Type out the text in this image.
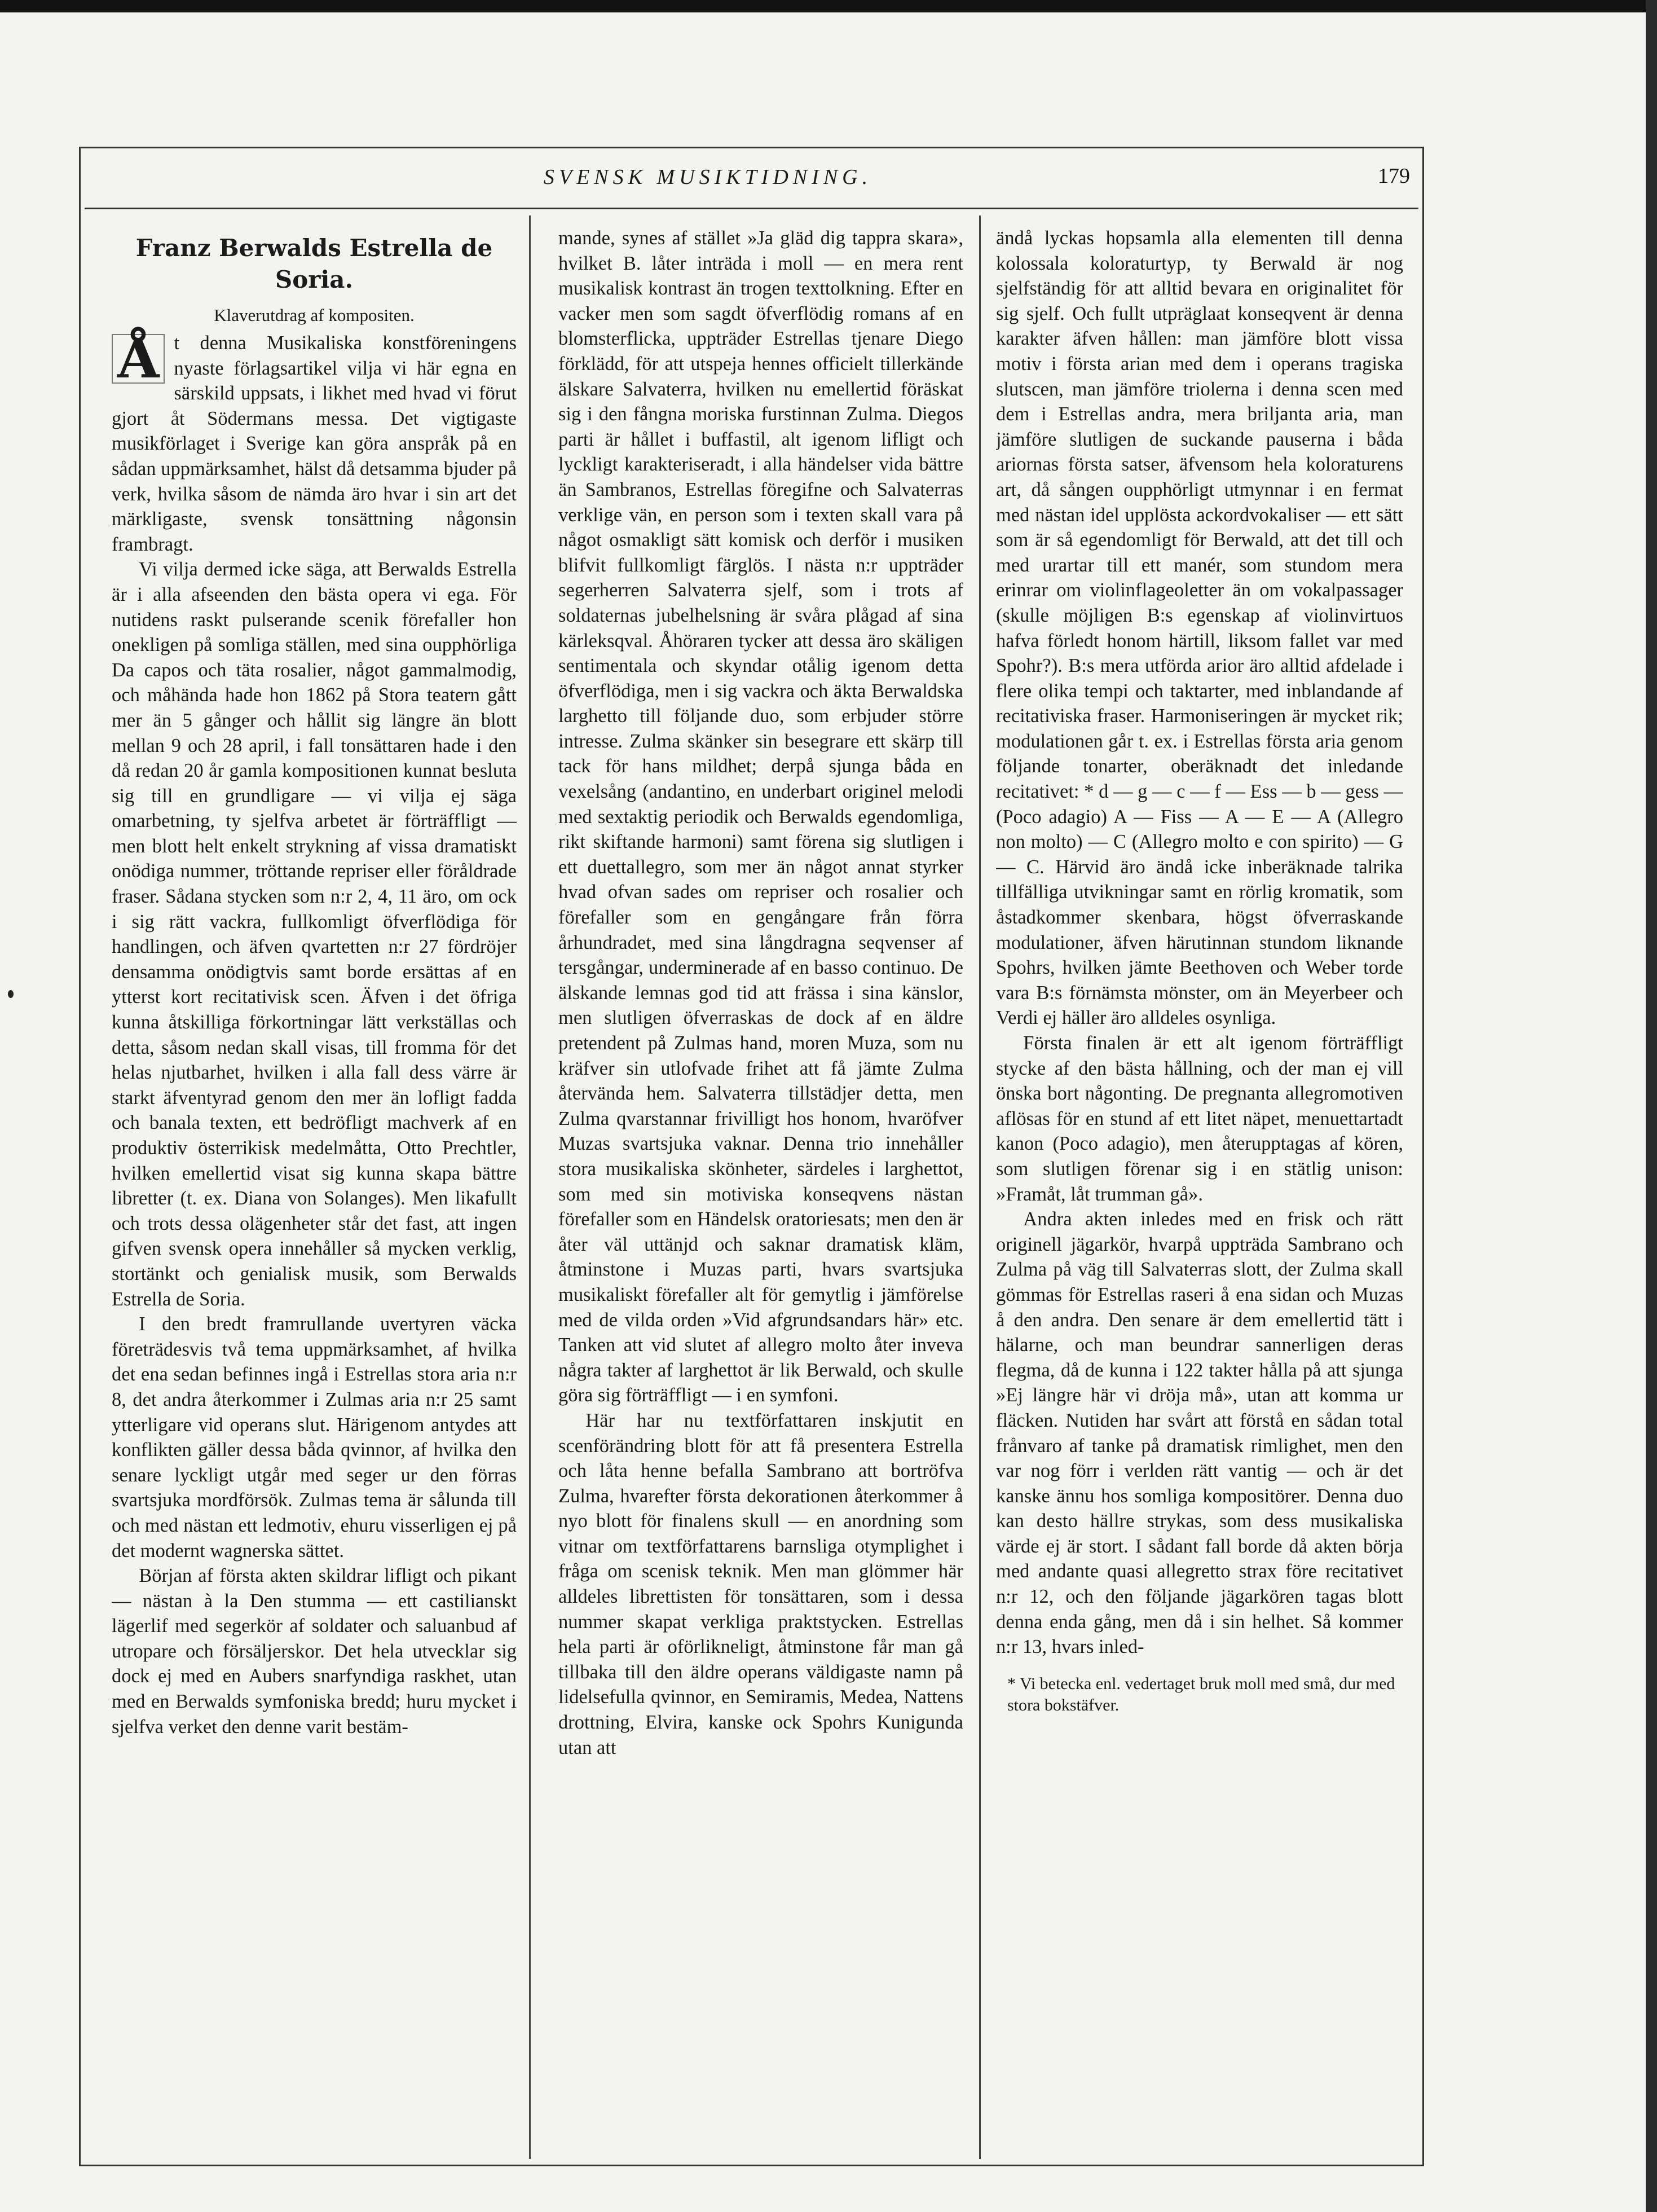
SVENSK MUSIKTIDNING.	179
Franz Berwalds Estrella de Soria.
Klaverutdrag af kompositen.

Å t denna Musikaliska konstföreningens nyaste förlagsartikel vilja vi här egna en särskild uppsats, i likhet med hvad vi förut gjort åt Södermans messa. Det vigtigaste musikförlaget i Sverige kan göra anspråk på en sådan uppmärksamhet, hälst då detsamma bjuder på verk, hvilka såsom de nämda äro hvar i sin art det märkligaste, svensk tonsättning någonsin frambragt.

Vi vilja dermed icke säga, att Berwalds Estrella är i alla afseenden den bästa opera vi ega. För nutidens raskt pulserande scenik förefaller hon onekligen på somliga ställen, med sina oupphörliga Da capos och täta rosalier, något gammalmodig, och måhända hade hon 1862 på Stora teatern gått mer än 5 gånger och hållit sig längre än blott mellan 9 och 28 april, i fall tonsättaren hade i den då redan 20 år gamla kompositionen kunnat besluta sig till en grundligare — vi vilja ej säga omarbetning, ty sjelfva arbetet är förträffligt — men blott helt enkelt strykning af vissa dramatiskt onödiga nummer, tröttande repriser eller föråldrade fraser. Sådana stycken som n:r 2, 4, 11 äro, om ock i sig rätt vackra, fullkomligt öfverflödiga för handlingen, och äfven qvartetten n:r 27 fördröjer densamma onödigtvis samt borde ersättas af en ytterst kort recitativisk scen. Äfven i det öfriga kunna åtskilliga förkortningar lätt verkställas och detta, såsom nedan skall visas, till fromma för det helas njutbarhet, hvilken i alla fall dess värre är starkt äfventyrad genom den mer än lofligt fadda och banala texten, ett bedröfligt machverk af en produktiv österrikisk medelmåtta, Otto Prechtler, hvilken emellertid visat sig kunna skapa bättre libretter (t. ex. Diana von Solanges). Men likafullt och trots dessa olägenheter står det fast, att ingen gifven svensk opera innehåller så mycken verklig, stortänkt och genialisk musik, som Berwalds Estrella de Soria.

I den bredt framrullande uvertyren väcka företrädesvis två tema uppmärksamhet, af hvilka det ena sedan befinnes ingå i Estrellas stora aria n:r 8, det andra återkommer i Zulmas aria n:r 25 samt ytterligare vid operans slut. Härigenom antydes att konflikten gäller dessa båda qvinnor, af hvilka den senare lyckligt utgår med seger ur den förras svartsjuka mordförsök. Zulmas tema är sålunda till och med nästan ett ledmotiv, ehuru visserligen ej på det modernt wagnerska sättet.

Början af första akten skildrar lifligt och pikant — nästan à la Den stumma — ett castilianskt lägerlif med segerkör af soldater och saluanbud af utropare och försäljerskor. Det hela utvecklar sig dock ej med en Aubers snarfyndiga raskhet, utan med en Berwalds symfoniska bredd; huru mycket i sjelfva verket den denne varit bestäm-

mande, synes af stället »Ja gläd dig tappra skara», hvilket B. låter inträda i moll — en mera rent musikalisk kontrast än trogen texttolkning. Efter en vacker men som sagdt öfverflödig romans af en blomsterflicka, uppträder Estrellas tjenare Diego förklädd, för att utspeja hennes officielt tillerkände älskare Salvaterra, hvilken nu emellertid föräskat sig i den fångna moriska furstinnan Zulma. Diegos parti är hållet i buffastil, alt igenom lifligt och lyckligt karakteriseradt, i alla händelser vida bättre än Sambranos, Estrellas föregifne och Salvaterras verklige vän, en person som i texten skall vara på något osmakligt sätt komisk och derför i musiken blifvit fullkomligt färglös. I nästa n:r uppträder segerherren Salvaterra sjelf, som i trots af soldaternas jubelhelsning är svåra plågad af sina kärleksqval. Åhöraren tycker att dessa äro skäligen sentimentala och skyndar otålig igenom detta öfverflödiga, men i sig vackra och äkta Berwaldska larghetto till följande duo, som erbjuder större intresse. Zulma skänker sin besegrare ett skärp till tack för hans mildhet; derpå sjunga båda en vexelsång (andantino, en underbart originel melodi med sextaktig periodik och Berwalds egendomliga, rikt skiftande harmoni) samt förena sig slutligen i ett duettallegro, som mer än något annat styrker hvad ofvan sades om repriser och rosalier och förefaller som en gengångare från förra århundradet, med sina långdragna seqvenser af tersgångar, underminerade af en basso continuo. De älskande lemnas god tid att frässa i sina känslor, men slutligen öfverraskas de dock af en äldre pretendent på Zulmas hand, moren Muza, som nu kräfver sin utlofvade frihet att få jämte Zulma återvända hem. Salvaterra tillstädjer detta, men Zulma qvarstannar frivilligt hos honom, hvaröfver Muzas svartsjuka vaknar. Denna trio innehåller stora musikaliska skönheter, särdeles i larghettot, som med sin motiviska konseqvens nästan förefaller som en Händelsk oratoriesats; men den är åter väl uttänjd och saknar dramatisk kläm, åtminstone i Muzas parti, hvars svartsjuka musikaliskt förefaller alt för gemytlig i jämförelse med de vilda orden »Vid afgrundsandars här» etc. Tanken att vid slutet af allegro molto åter inveva några takter af larghettot är lik Berwald, och skulle göra sig förträffligt — i en symfoni.

Här har nu textförfattaren inskjutit en scenförändring blott för att få presentera Estrella och låta henne befalla Sambrano att bortröfva Zulma, hvarefter första dekorationen återkommer å nyo blott för finalens skull — en anordning som vitnar om textförfattarens barnsliga otymplighet i fråga om scenisk teknik. Men man glömmer här alldeles librettisten för tonsättaren, som i dessa nummer skapat verkliga praktstycken. Estrellas hela parti är oförlikneligt, åtminstone får man gå tillbaka till den äldre operans väldigaste namn på lidelsefulla qvinnor, en Semiramis, Medea, Nattens drottning, Elvira, kanske ock Spohrs Kunigunda utan att

ändå lyckas hopsamla alla elementen till denna kolossala koloraturtyp, ty Berwald är nog sjelfständig för att alltid bevara en originalitet för sig sjelf. Och fullt utpräglaat konseqvent är denna karakter äfven hållen: man jämföre blott vissa motiv i första arian med dem i operans tragiska slutscen, man jämföre triolerna i denna scen med dem i Estrellas andra, mera briljanta aria, man jämföre slutligen de suckande pauserna i båda ariornas första satser, äfvensom hela koloraturens art, då sången oupphörligt utmynnar i en fermat med nästan idel upplösta ackordvokaliser — ett sätt som är så egendomligt för Berwald, att det till och med urartar till ett manér, som stundom mera erinrar om violinflageoletter än om vokalpassager (skulle möjligen B:s egenskap af violinvirtuos hafva förledt honom härtill, liksom fallet var med Spohr?). B:s mera utförda arior äro alltid afdelade i flere olika tempi och taktarter, med inblandande af recitativiska fraser. Harmoniseringen är mycket rik; modulationen går t. ex. i Estrellas första aria genom följande tonarter, oberäknadt det inledande recitativet: * d — g — c — f — Ess — b — gess — (Poco adagio) A — Fiss — A — E — A (Allegro non molto) — C (Allegro molto e con spirito) — G — C. Härvid äro ändå icke inberäknade talrika tillfälliga utvikningar samt en rörlig kromatik, som åstadkommer skenbara, högst öfverraskande modulationer, äfven härutinnan stundom liknande Spohrs, hvilken jämte Beethoven och Weber torde vara B:s förnämsta mönster, om än Meyerbeer och Verdi ej häller äro alldeles osynliga.

Första finalen är ett alt igenom förträffligt stycke af den bästa hållning, och der man ej vill önska bort någonting. De pregnanta allegromotiven aflösas för en stund af ett litet näpet, menuettartadt kanon (Poco adagio), men återupptagas af kören, som slutligen förenar sig i en stätlig unison: »Framåt, låt trumman gå».

Andra akten inledes med en frisk och rätt originell jägarkör, hvarpå uppträda Sambrano och Zulma på väg till Salvaterras slott, der Zulma skall gömmas för Estrellas raseri å ena sidan och Muzas å den andra. Den senare är dem emellertid tätt i hälarne, och man beundrar sannerligen deras flegma, då de kunna i 122 takter hålla på att sjunga »Ej längre här vi dröja må», utan att komma ur fläcken. Nutiden har svårt att förstå en sådan total frånvaro af tanke på dramatisk rimlighet, men den var nog förr i verlden rätt vantig — och är det kanske ännu hos somliga kompositörer. Denna duo kan desto hällre strykas, som dess musikaliska värde ej är stort. I sådant fall borde då akten börja med andante quasi allegretto strax före recitativet n:r 12, och den följande jägarkören tagas blott denna enda gång, men då i sin helhet. Så kommer n:r 13, hvars inled-

* Vi betecka enl. vedertaget bruk moll med små, dur med stora bokstäfver.
